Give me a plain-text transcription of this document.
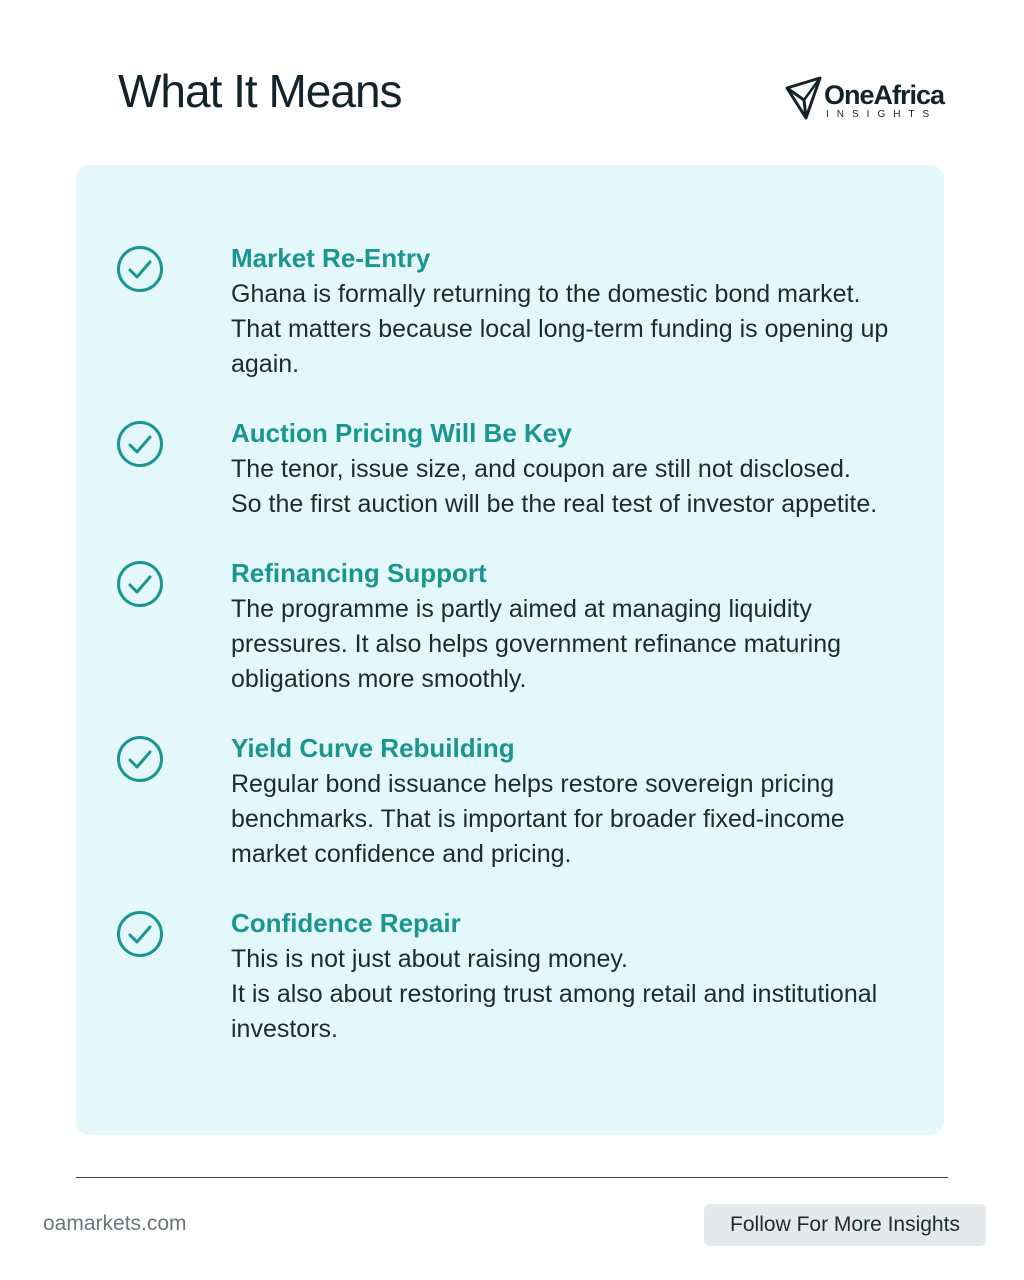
What It Means	OneAfrica
INSIGHTS
Market Re-Entry
Ghana is formally returning to the domestic bond market.
That matters because local long-term funding is opening up
again.
Auction Pricing Will Be Key
The tenor, issue size, and coupon are still not disclosed.
So the first auction will be the real test of investor appetite.
Refinancing Support
The programme is partly aimed at managing liquidity
pressures. It also helps government refinance maturing
obligations more smoothly.
Yield Curve Rebuilding
Regular bond issuance helps restore sovereign pricing
benchmarks. That is important for broader fixed-income
market confidence and pricing.
Confidence Repair
This is not just about raising money.
It is also about restoring trust among retail and institutional
investors.
oamarkets.com	Follow For More Insights
